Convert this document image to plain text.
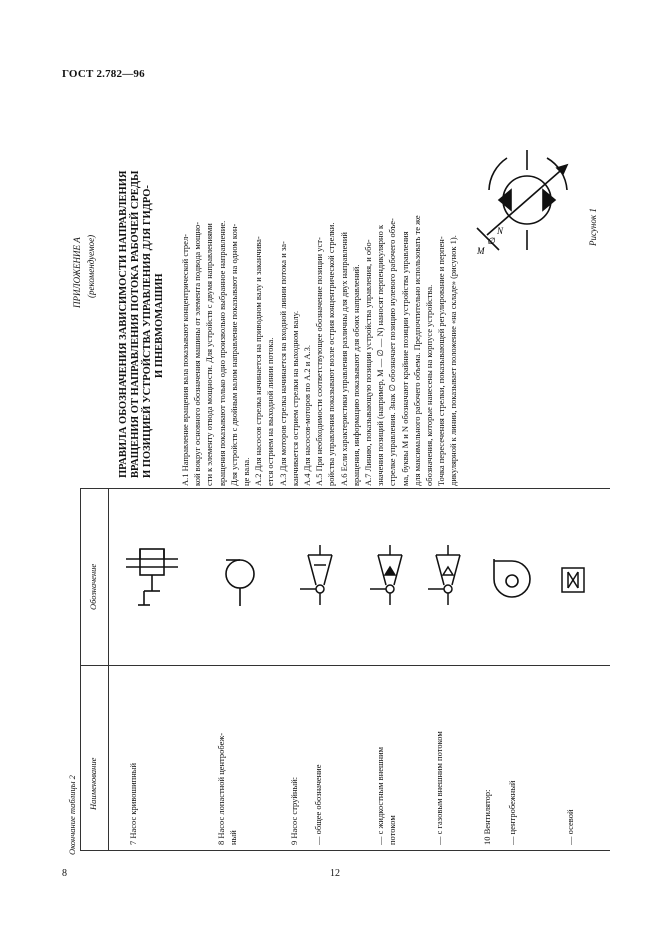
ГОСТ 2.782—96
8	12
Окончание таблицы 2 Наименование
Обозначение
7 Насос кривошипный	8 Насос лопастной центробеж- ный	9 Насос струйный: — общее обозначение	— с жидкостным внешним потоком	— с газовым внешним потоком	10 Вентилятор: — центробежный	— осевой
ПРИЛОЖЕНИЕ А (рекомендуемое) ПРАВИЛА ОБОЗНАЧЕНИЯ ЗАВИСИМОСТИ НАПРАВЛЕНИЯ ВРАЩЕНИЯ ОТ НАПРАВЛЕНИЯ ПОТОКА РАБОЧЕЙ СРЕДЫ И ПОЗИЦИЕЙ УСТРОЙСТВА УПРАВЛЕНИЯ ДЛЯ ГИДРО- И ПНЕВМОМАШИН А.1 Направление вращения вала показывают концентрической стрел- кой вокруг основного обозначения машины от элемента подвода мощно- сти к элементу отвода мощности. Для устройств с двумя направлениями вращения показывают только одно произвольно выбранное направление. Для устройств с двойным валом направление показывают на одном кон- це вала. А.2 Для насосов стрелка начинается на приводном валу и заканчива- ется острием на выходной линии потока. А.3 Для моторов стрелка начинается на входной линии потока и за- канчивается острием стрелки на выходном валу. А.4 Для насосов-моторов по А.2 и А.3. А.5 При необходимости соответствующее обозначение позиции уст- ройства управления показывают возле острия концентрической стрелки. А.6 Если характеристики управления различны для двух направлений вращения, информацию показывают для обоих направлений. А.7 Линию, показывающую позиции устройства управления, и обо- значения позиций (например, M — ∅ — N) наносят перпендикулярно к стрелке управления. Знак ∅ обозначает позицию нулевого рабочего объе- ма, буквы M и N обозначают крайние позиции устройства управления для максимального рабочего объема. Предпочтительно использовать те же обозначения, которые нанесены на корпусе устройства. Точка пересечения стрелки, показывающей регулирование и перпен- дикулярной к линии, показывает положение «на складе» (рисунок 1). M
∅
N	Рисунок 1
